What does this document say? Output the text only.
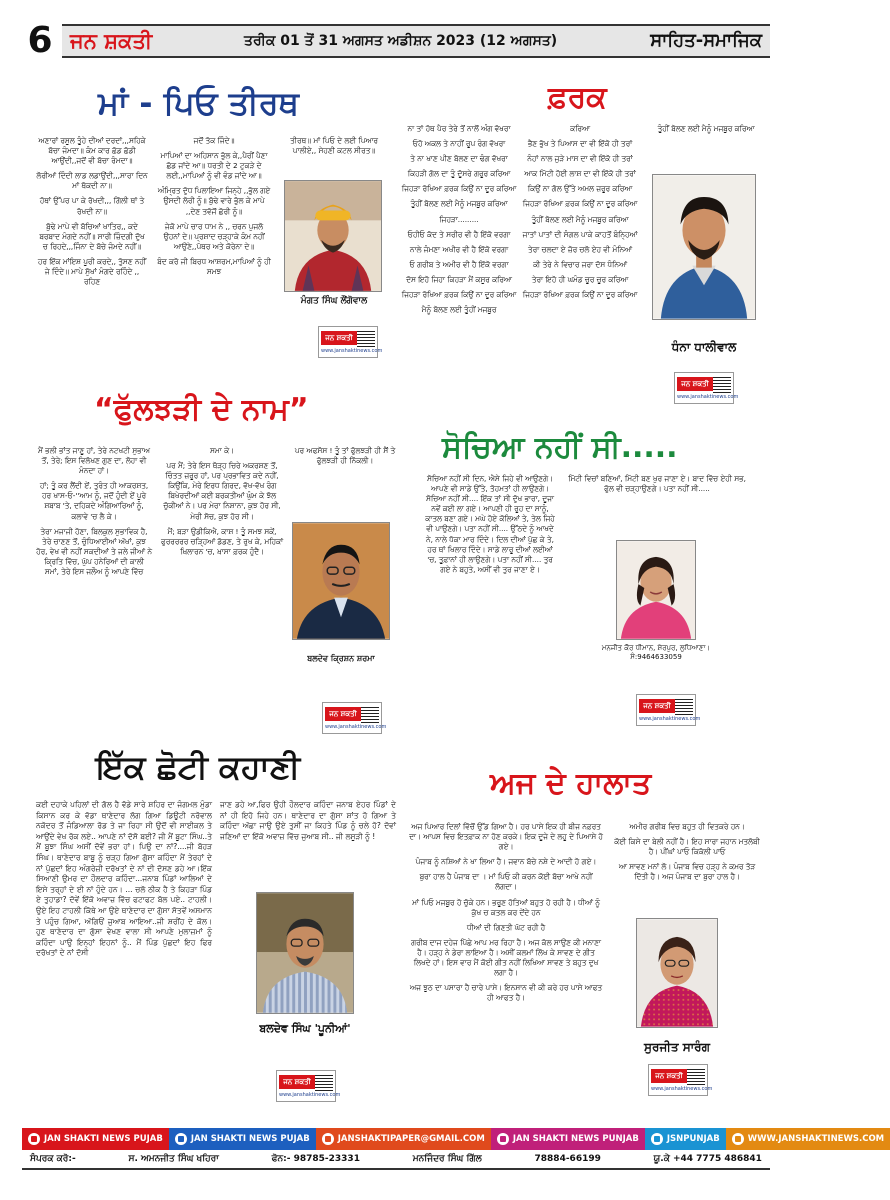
6 ਜਨ ਸ਼ਕਤੀ	ਤਰੀਕ 01 ਤੋਂ 31 ਅਗਸਤ ਅਡੀਸ਼ਨ 2023 (12 ਅਗਸਤ)	ਸਾਹਿਤ-ਸਮਾਜਿਕ
ਮਾਂ - ਪਿਓ ਤੀਰਥ

ਅਣਾਰਾਂ ਰਸੂਲ ਤੂੰਹੇ ਦੀਆਂ ਦਰਦਾਂ,,,ਸਹਿਕੇ ਬੱਚਾ ਜੰਮਦਾ॥ ਕੰਮ ਕਾਰ ਛੱਡ ਛੱਡੀ ਆਉਂਦੀ,,ਜਦੋਂ ਵੀ ਬੱਚਾ ਰੰਮਦਾ॥

ਲੋਰੀਆਂ ਦਿੰਦੀ ਲਾਡ ਲਡਾਉਂਦੀ,,,ਸਾਰਾ ਦਿਨ ਮਾਂ ਥੱਕਦੀ ਨਾ॥

ਹੱਥਾਂ ਉੱਪਰ ਪਾ ਕੇ ਰੱਖਦੀ,,, ਗਿੱਲੀ ਥਾਂ ਤੇ ਰੱਖਦੀ ਨਾ॥

ਬੁੱਢੇ ਮਾਪੇ ਵੀ ਬੱਚਿਆਂ ਖਾਤਿਰ,, ਕਦੇ ਬਰਬਾਦ ਮੰਗਦੇ ਨਹੀਂ॥ ਸਾਰੀ ਜ਼ਿੰਦਗੀ ਦੁੱਖ ਚ ਰਿਹਦੇ,,,ਜਿੰਨਾ ਦੇ ਬੱਚੇ ਜੰਮਦੇ ਨਹੀਂ॥

ਹਰ ਇੱਕ ਮਾਂਇਸ਼ ਪੂਰੀ ਕਰਦੇ,, ਤੁੱਸਣ ਨਹੀਂ ਜੇ ਦਿੰਦੇ॥ ਮਾਪੇ ਸੁੱਖਾਂ ਮੰਗਦੇ ਰਹਿੰਦੇ ,, ਰਹਿਣ

ਜਦੋਂ ਤੱਕ ਜਿੰਦੇ॥

ਮਾਪਿਆਂ ਦਾ ਅਹਿਸਾਨ ਭੁੱਲ ਕੇ,,ਪੈਰੀਂ ਪੈਣਾ ਛੱਡ ਜਾਂਦੇ ਆ॥ ਧਰਤੀ ਦੇ 2 ਟੁਕੜੇ ਦੇ ਲਈ,,ਮਾਪਿਆਂ ਨੂੰ ਵੀ ਵੰਡ ਜਾਂਦੇ ਆ॥

ਅੰਮ੍ਰਿਤ ਦੁੱਧ ਪਿਲਾਇਆ ਜਿਨ੍ਹੇ ,,ਭੁੱਲ ਗਏ ਉਸਦੀ ਲੋਰੀ ਨੂੰ॥ ਬੁੱਢੇ ਵਾਰੇ ਭੁੱਲ ਕੇ ਮਾਪੇ ,,ਦੇਣ ਤਵੱਜੋਂ ਛੋਰੀ ਨੂੰ॥

ਜੇਕੋ ਮਾਪੇ ਚਾਰ ਧਾਮ ਨੇ ,, ਚਰਨ ਪੁਜਲੋ ਉਹਨਾਂ ਦੇ॥ ਪ੍ਰਸ਼ਾਦ ਚੜ੍ਹਾਕੇ ਕੰਮ ਨਹੀਂ ਆਉਣੇ,,ਪੱਥਰ ਅਤੇ ਕੋਰੇਨਾ ਦੇ॥

ਬੰਦ ਕਰੋ ਜੀ ਬਿਰਧ ਆਸ਼ਰਮ,ਮਾਪਿਆਂ ਨੂੰ ਹੀ ਸਮਝ

ਤੀਰਥ॥ ਮਾਂ ਪਿਓ ਦੇ ਲਈ ਪਿਆਰ ਪਾਲੀਏ,, ਸੇਹਣੀ ਕਟਲ ਸੀਰਤ॥

ਮੰਗਤ ਸਿੰਘ ਲੌਂਗੋਵਾਲ
ਜਨ ਸ਼ਕਤੀ
www.janshaktinews.com
ਫ਼ਰਕ

ਨਾ ਤਾਂ ਹੱਥ ਪੈਰ ਤੇਰੇ ਤੋਂ ਨਾਲੋਂ ਅੰਗ ਵੱਖਰਾ

ਓਹੋ ਅਕਲ ਤੇ ਨਾਹੀਂ ਰੂਪ ਰੰਗ ਵੱਖਰਾ

ਤੇ ਨਾ ਖਾਣ ਪੀਣ ਬੋਲਣ ਦਾ ਢੰਗ ਵੱਖਰਾ

ਕਿਹੜੀ ਗੱਲ ਦਾ ਤੂੰ ਦੂੱਸਰੇ ਗਰੂਰ ਕਰਿਆ

ਜਿਹੜਾ ਰੱਖਿਆ ਫ਼ਰਕ ਕਿਉਂ ਨਾ ਦੂਰ ਕਰਿਆ

ਤੂੰਹੀਂ ਬੋਲਣ ਲਈ ਮੈਨੂੰ ਮਜਬੂਰ ਕਰਿਆ

ਜਿਹੜਾ.........

ਓਹੀਓ ਕੱਦ ਤੇ ਸਰੀਰ ਵੀ ਹੈ ਇੱਕੋ ਵਰਗਾ

ਨਾਲੇ ਜੰਮਣਾ ਅਖੀਰ ਵੀ ਹੈ ਇੱਕੋ ਵਰਗਾ

ਓ ਗਰੀਬ ਤੇ ਅਮੀਰ ਵੀ ਹੈ ਇੱਕੋ ਵਰਗਾ

ਦੱਸ ਇਹੋ ਜਿਹਾ ਕਿਹੜਾ ਮੈਂ ਕਸੂਰ ਕਰਿਆ

ਜਿਹੜਾ ਰੱਖਿਆ ਫ਼ਰਕ ਕਿਉਂ ਨਾ ਦੂਰ ਕਰਿਆ

ਮੈਨੂੰ ਬੋਲਣ ਲਈ ਤੂੰਹੀਂ ਮਜਬੂਰ

ਕਰਿਆ

ਭੈਣ ਭੁੱਖ ਤੇ ਪਿਆਸ ਦਾ ਵੀ ਇੱਕੋ ਹੀ ਤਰਾਂ

ਨੰਹਾਂ ਨਾਲ ਜੁੜੇ ਮਾਸ ਦਾ ਵੀ ਇੱਕੋ ਹੀ ਤਰਾਂ

ਆਕ ਮਿੱਟੀ ਹੋਈ ਲਾਸ਼ ਦਾ ਵੀ ਇੱਕੋ ਹੀ ਤਰਾਂ

ਕਿਉਂ ਨਾ ਗੱਲ ਉੱਤੇ ਅਮਲ ਜ਼ਰੂਰ ਕਰਿਆ

ਜਿਹੜਾ ਰੱਖਿਆ ਫ਼ਰਕ ਕਿਉਂ ਨਾ ਦੂਰ ਕਰਿਆ

ਤੂੰਹੀਂ ਬੋਲਣ ਲਈ ਮੈਨੂੰ ਮਜਬੂਰ ਕਰਿਆ

ਜਾਤਾਂ ਪਾਤਾਂ ਦੀ ਸੰਗਲ ਪਾਕੇ ਕਾਹਤੋਂ ਬੰਨ੍ਹਿਆਂ

ਤੇਰਾ ਚਲਦਾ ਏ ਜ਼ੋਰ ਚਲੋ ਏਹ ਵੀ ਮੰਨਿਆਂ

ਕੀ ਤੇਰੇ ਨੇ ਵਿਚਾਰ ਜਰਾ ਦੱਸ ਧੰਨਿਆਂ

ਤੇਰਾ ਇਹੋ ਹੀ ਘਮੰਡ ਚੂਰ ਚੂਰ ਕਰਿਆ

ਜਿਹੜਾ ਰੱਖਿਆ ਫ਼ਰਕ ਕਿਉਂ ਨਾ ਦੂਰ ਕਰਿਆ

ਤੂੰਹੀਂ ਬੋਲਣ ਲਈ ਮੈਨੂੰ ਮਜਬੂਰ ਕਰਿਆ

ਧੰਨਾ ਧਾਲੀਵਾਲ
ਜਨ ਸ਼ਕਤੀ
www.janshaktinews.com
“ਫੁੱਲਝੜੀ ਦੇ ਨਾਮ”

ਮੈਂ ਭਲੀ ਭਾਂਤ ਜਾਣੂ ਹਾਂ, ਤੇਰੇ ਨਟਖਟੀ ਸੁਭਾਅ ਤੋਂ, ਤੇਰੇ; ਇਸ ਵਿਲੱਖਣ ਗੁਣ ਦਾ, ਲੋਹਾ ਵੀ ਮੰਨਦਾ ਹਾਂ।

ਹਾਂ; ਤੂੰ ਕਰ ਲੈਂਦੀ ਏਂ, ਤੁਰੰਤ ਹੀ ਆਕਰਸ਼ਤ, ਹਰ ਖਾਸ-ਓ-''ਆਮ ਨੂੰ, ਜਦੋਂ ਹੁੰਦੀ ਏਂ ਪੂਰੇ ਸ਼ਬਾਬ 'ਤੇ, ਦਹਿਕਦੇ ਅੰਗਿਆਰਿਆਂ ਨੂੰ, ਕਲਾਵੇ 'ਚ ਲੈ ਕੇ।

ਤੇਰਾ ਮਜਾਜੀ ਹੋਣਾ, ਬਿਲਕੁਲ ਸੁਭਾਵਿਕ ਹੈ, ਤੇਰੇ ਚਾਣਣ ਤੋਂ, ਚੁੰਧਿਆਈਆਂ ਅੱਖਾਂ, ਕੁਝ ਹੋਰ, ਵੇਖ ਵੀ ਨਹੀਂ ਸਕਦੀਆਂ ਤੇ ਜਲੇ ਜੀਆਂ ਨੇ ਕ੍ਰਿਤਿ ਵਿੱਚ, ਘੁੱਪ ਹਨੇਰਿਆਂ ਦੀ ਕਾਲੀ ਸਮਾਂ, ਤੇਰੇ ਇਸ ਜਲੌਅ ਨੂੰ ਆਪਣੇ ਵਿੱਚ

ਸਮਾ ਕੇ।

ਪਰ ਮੈਂ; ਤੇਰੇ ਇਸ ਥੋੜ੍ਹ ਚਿਰੇ ਅਕਰਸ਼ਣ ਤੋਂ, ਚਿੰਤਤ ਜ਼ਰੂਰ ਹਾਂ, ਪਰ ਪ੍ਰਭਾਵਿਤ ਕਦੇ ਨਹੀਂ, ਕਿਉਂਕਿ, ਮੇਰੇ ਇਰਧ ਗਿਰਦ, ਵੱਖ-ਵੱਖ ਰੰਗ ਬਿਖੇਰਦੀਆਂ ਕਈ ਬਰਕਤੀਆਂ ਘੁੰਮ ਕੇ ਝੱਲ ਚੁੱਕੀਆਂ ਨੇ। ਪਰ ਮੇਰਾ ਨਿਸ਼ਾਨਾ, ਕੁਝ ਹੋਰ ਸੀ, ਮੇਰੀ ਸੋਚ, ਕੁਝ ਹੋਰ ਸੀ।

ਮੈਂ; ਬੜਾ ਉਡੀਕਿਐ, ਕਾਸ਼ ! ਤੂੰ ਸਮਝ ਸਕੇਂ, ਫੁਰਰਰਰਰ ਚੜ੍ਹਿਆਂ ਡੱਡਣ, ਤੇ ਰੁਖ ਕੇ, ਮਹਿਕਾਂ ਖ਼ਿਲਾਰਨ 'ਚ, ਖ਼ਾਸਾ ਫ਼ਰਕ ਹੁੰਦੈ।

ਪਰ ਅਫਸੋਸ ! ਤੂੰ ਤਾਂ ਫੁੱਲਝੜੀ ਹੀ ਸੈਂ ਤੇ ਫੁੱਲਝੜੀ ਹੀ ਨਿੱਕਲੀ।

ਬਲਦੇਵ ਕ੍ਰਿਸ਼ਨ ਸ਼ਰਮਾ
ਜਨ ਸ਼ਕਤੀ
www.janshaktinews.com
ਸੋਚਿਆ ਨਹੀਂ ਸੀ.....

ਸੋਚਿਆ ਨਹੀਂ ਸੀ ਦਿਨ, ਐਸੇ ਜਿਹੇ ਵੀ ਆਉਣਗੇ। ਆਪਣੇ ਵੀ ਸਾਡੇ ਉੱਤੇ, ਤੋਹਮਤਾਂ ਹੀ ਲਾਉਣਗੇ। ਸੋਚਿਆ ਨਹੀਂ ਸੀ.... ਇੱਕ ਤਾਂ ਸੀ ਦੁੱਖ ਭਾਰਾ, ਦੂਜਾ ਨਵੇਂ ਕਈ ਲਾ ਗਏ। ਆਪਣੀ ਹੀ ਰੂਹ ਦਾ ਸਾਨੂੰ, ਕਾਤਲ ਬਣਾ ਗਏ। ਮਘੇ ਹੋਏ ਕੋਲਿਆਂ ਤੇ, ਤੇਲ ਜਿਹੇ ਵੀ ਪਾਉਣਗੇ। ਪਤਾ ਨਹੀਂ ਸੀ.... ਉੱਠਦੇ ਨੂੰ ਆਖਦੇ ਨੇ, ਨਾਲੇ ਧੱਕਾ ਮਾਰ ਦਿੰਦੇ। ਦਿਲ ਦੀਆਂ ਪੁੱਛ ਕੇ ਤੇ, ਹਰ ਥਾਂ ਖਿਲਾਰ ਦਿੰਦੇ। ਸਾਡੇ ਲਾਰੂ ਦੀਆਂ ਲਈਆਂ 'ਚ, ਤੂਫ਼ਾਨਾਂ ਹੀ ਲਾਉਣਗੇ। ਪਤਾ ਨਹੀਂ ਸੀ.... ਤੁਰ ਗਏ ਨੇ ਬਹੁਤੇ, ਅਸੀਂ ਵੀ ਤੁਰ ਜਾਣਾ ਏ।

ਮਿੱਟੀ ਵਿਚਾਂ ਬਣਿਆਂ, ਮਿੱਟੀ ਬਣ ਖੁਰ ਜਾਣਾ ਏ। ਬਾਦ ਵਿੱਚ ਏਹੀ ਸਭ, ਫੁੱਲ ਵੀ ਚੜ੍ਹਾਉਣਗੇ। ਪਤਾ ਨਹੀਂ ਸੀ.....

ਮਨਜੀਤ ਕੌਰ ਧੀਮਾਨ, ਸ਼ੇਰਪੁਰ, ਲੁਧਿਆਣਾ। ਸੰ:9464633059
ਜਨ ਸ਼ਕਤੀ
www.janshaktinews.com
ਇੱਕ ਛੋਟੀ ਕਹਾਣੀ
ਕਈ ਦਹਾਕੇ ਪਹਿਲਾਂ ਦੀ ਗੱਲ ਹੈ ਵੱਡੇ ਸਾਰੇ ਸ਼ਹਿਰ ਦਾ ਜੰਗਮਲ ਮੁੰਡਾ ਕਿਸਾਨ ਕਰ ਕੇ ਵੱਡਾ ਥਾਣੇਦਾਰ ਲੱਗ ਗਿਆ ਡਿਊਟੀ ਨਰੋਵਾਲ ਨਕੋਦਰ ਤੋਂ ਜੰਡਿਆਲਾ ਰੋਡ ਤੇ ਜਾ ਰਿਹਾ ਸੀ ਉਦੋਂ ਵੀ ਸਾਈਕਲ ਤੇ ਆਉਂਦੇ ਵੇਖ ਰੋਕ ਲਏ.. ਆਪਣੇ ਨਾਂ ਦੱਸੋ ਬਈ? ਜੀ ਮੈਂ ਬੂਟਾ ਸਿੰਘ..ਤੇ ਮੈਂ ਬੂਝਾ ਸਿੰਘ ਅਸੀਂ ਦੋਵੇਂ ਭਰਾ ਹਾਂ। ਪਿਉ ਦਾ ਨਾਂ?....ਜੀ ਬੋਹੜ ਸਿੰਘ। ਥਾਣੇਦਾਰ ਬਾਬੂ ਨੂੰ ਚੜ੍ਹ ਗਿਆ ਗੁੱਸਾ ਕਹਿੰਦਾ ਮੈਂ ਤੇਰਹਾਂ ਦੇ ਨਾਂ ਪੁੱਛਦਾਂ ਇਹ ਅੰਗਰੇਜ਼ੀ ਦਰੱਖਤਾਂ ਦੇ ਨਾਂ ਦੀ ਦੱਸਣ ਡਹੇ ਆ।ਇੱਕ ਸਿਆਣੀ ਉਮਰ ਦਾ ਹੌਲਦਾਰ ਕਹਿੰਦਾ...ਜਨਾਬ ਪਿੰਡਾਂ ਆਲਿਆਂ ਦੇ ਇਸੇ ਤਰ੍ਹਾਂ ਦੇ ਈ ਨਾਂ ਹੁੰਦੇ ਹਨ। ... ਚਲੋ ਠੀਕ ਹੈ ਤੇ ਕਿਹੜਾ ਪਿੰਡ ਏ ਤੁਹਾਡਾ? ਦੋਵੇਂ ਇੱਕੋ ਅਵਾਜ਼ ਵਿੱਚ ਫਟਾਫਟ ਬੋਲ ਪਏ.. ਟਾਹਲੀ।ਉਏ ਇਹ ਟਾਹਲੀ ਕਿੱਥੇ ਆ ਉਏ ਥਾਣੇਦਾਰ ਦਾ ਗੁੱਸਾ ਸੱਤਵੇਂ ਅਸਮਾਨ ਤੇ ਪਹੁੰਚ ਗਿਆ, ਅੱਗਿਓਂ ਜੁਆਬ ਆਇਆ..ਜੀ ਸ਼ਰੀਂਹ ਦੇ ਕੋਲ। ਹੁਣ ਥਾਣੇਦਾਰ ਦਾ ਗੁੱਸਾ ਵੇਖਣ ਵਾਲਾ ਸੀ ਆਪਣੇ ਮੁਲਾਜ਼ਮਾਂ ਨੂੰ ਕਹਿੰਦਾ ਪਾਉ ਇਨ੍ਹਾਂ ਇਹਨਾਂ ਨੂੰ.. ਮੈਂ ਪਿੰਡ ਪੁੱਛਦਾਂ ਇਹ ਫਿਰ ਦਰੱਖਤਾਂ ਦੇ ਨਾਂ ਦੱਸੀ
ਜਾਣ ਡਹੇ ਆ,ਫਿਰ ਉਹੀ ਹੌਲਦਾਰ ਕਹਿੰਦਾ ਜਨਾਬ ਏਹਰ ਪਿੰਡਾਂ ਦੇ ਨਾਂ ਹੀ ਇਹੋ ਜਿਹੇ ਹਨ। ਥਾਣੇਦਾਰ ਦਾ ਗੁੱਸਾ ਸ਼ਾਂਤ ਹੋ ਗਿਆ ਤੇ ਕਹਿੰਦਾ ਅੱਛਾ ਜਾਉ ਉਏ ਤੁਸੀਂ ਜਾ ਕਿਹਤੇ ਪਿੰਡ ਨੂੰ ਚਲੇ ਹੋ? ਦੋਵਾਂ ਜਣਿਆਂ ਦਾ ਇੱਕੋ ਅਵਾਜ਼ ਵਿੱਚ ਜੁਆਬ ਸੀ.. ਜੀ ਲਸੂੜੀ ਨੂੰ !
ਬਲਦੇਵ ਸਿੰਘ 'ਪੂਨੀਆਂ'
ਜਨ ਸ਼ਕਤੀ
www.janshaktinews.com
ਅਜ ਦੇ ਹਾਲਾਤ

ਅਜ ਪਿਆਰ ਦਿਲਾਂ ਵਿੱਚੋਂ ਉੱਡ ਗਿਆ ਹੈ। ਹਰ ਪਾਸੇ ਇਕ ਹੀ ਬੀਜ ਨਫ਼ਰਤ ਦਾ। ਆਪਸ ਵਿਚ ਇਤਫ਼ਾਕ ਨਾ ਹੋਣ ਕਰਕੇ। ਇਕ ਦੂਜੇ ਦੇ ਲਹੂ ਦੇ ਪਿਆਸੇ ਹੋ ਗਏ।

ਪੰਜਾਬ ਨੂੰ ਨਸ਼ਿਆਂ ਨੇ ਖਾ ਲਿਆ ਹੈ। ਜਵਾਨ ਬੱਚੇ ਨਸ਼ੇ ਦੇ ਆਦੀ ਹੋ ਗਏ।

ਬੁਰਾ ਹਾਲ ਹੈ ਪੰਜਾਬ ਦਾ । ਮਾਂ ਪਿਓ ਕੀ ਕਰਨ ਕੋਈ ਬੱਚਾ ਆਖੇ ਨਹੀਂ ਲੱਗਦਾ।

ਮਾਂ ਪਿਓ ਮਜਬੂਰ ਹੋ ਚੁੱਕੇ ਹਨ। ਭਰੂਣ ਹੱਤਿਆਂ ਬਹੁਤ ਹੋ ਰਹੀ ਹੈ। ਧੀਆਂ ਨੂੰ ਕੁੱਖ ਚ ਕਤਲ ਕਰ ਦੇਂਦੇ ਹਨ

ਧੀਆਂ ਦੀ ਗਿਣਤੀ ਘੱਟ ਰਹੀ ਹੈ

ਗਰੀਬ ਦਾਜ ਦਹੇਜ ਪਿੱਛੇ ਆਪ ਮਰ ਰਿਹਾ ਹੈ। ਅਜ ਕੱਲ ਸਾਉਣ ਕੀ ਮਨਾਣਾ ਹੈ। ਹੜ੍ਹ ਨੇ ਡੇਰਾ ਲਾਇਆ ਹੈ। ਅਸੀਂ ਕਲਮਾਂ ਲਿੱਖ ਕੇ ਸਾਵਣ ਦੇ ਗੀਤ ਲਿਖਦੇ ਹਾਂ। ਇਸ ਵਾਰ ਮੈਂ ਕੋਈ ਗੀਤ ਨਹੀਂ ਲਿਖਿਆ ਸਾਵਣ ਤੇ ਬਹੁਤ ਦੁਖ ਲਗਾ ਹੈ।

ਅਜ ਝੂਠ ਦਾ ਪਸਾਰਾ ਹੈ ਚਾਰੇ ਪਾਸੇ। ਇਨਸਾਨ ਵੀ ਕੀ ਕਰੇ ਹਰ ਪਾਸੇ ਆਫਤ ਹੀ ਆਫਤ ਹੈ।

ਅਮੀਰ ਗਰੀਬ ਵਿਚ ਬਹੁਤ ਹੀ ਵਿਤਕਰੇ ਹਨ।

ਕੋਈ ਕਿਸੇ ਦਾ ਬੇਲੀ ਨਹੀਂ ਹੈ। ਇਹ ਸਾਰਾ ਜਹਾਨ ਮਤਲੱਬੀ ਹੈ। ਪੀਂਘਾਂ ਪਾਓ ਕਿਕੱਲੀ ਪਾਓ

ਆ ਸਾਵਣ ਮਨਾਂ ਲੋ। ਪੰਜਾਬ ਵਿਚ ਹੜ੍ਹ ਨੇ ਕਮਰ ਤੋੜ ਦਿੱਤੀ ਹੈ। ਅਜ ਪੰਜਾਬ ਦਾ ਬੁਰਾ ਹਾਲ ਹੈ।

ਸੁਰਜੀਤ ਸਾਰੰਗ
ਜਨ ਸ਼ਕਤੀ
www.janshaktinews.com
JAN SHAKTI NEWS PUJAB	JAN SHAKTI NEWS PUJAB	JANSHAKTIPAPER@GMAIL.COM	JAN SHAKTI NEWS PUNJAB	JSNPUNJAB	WWW.JANSHAKTINEWS.COM
ਸੰਪਰਕ ਕਰੋ:-	ਸ. ਅਮਨਜੀਤ ਸਿੰਘ ਖਹਿਰਾ	ਫੋਨ:- 98785-23331	ਮਨਜਿੰਦਰ ਸਿੰਘ ਗਿੱਲ	78884-66199	ਯੂ.ਕੇ +44 7775 486841
